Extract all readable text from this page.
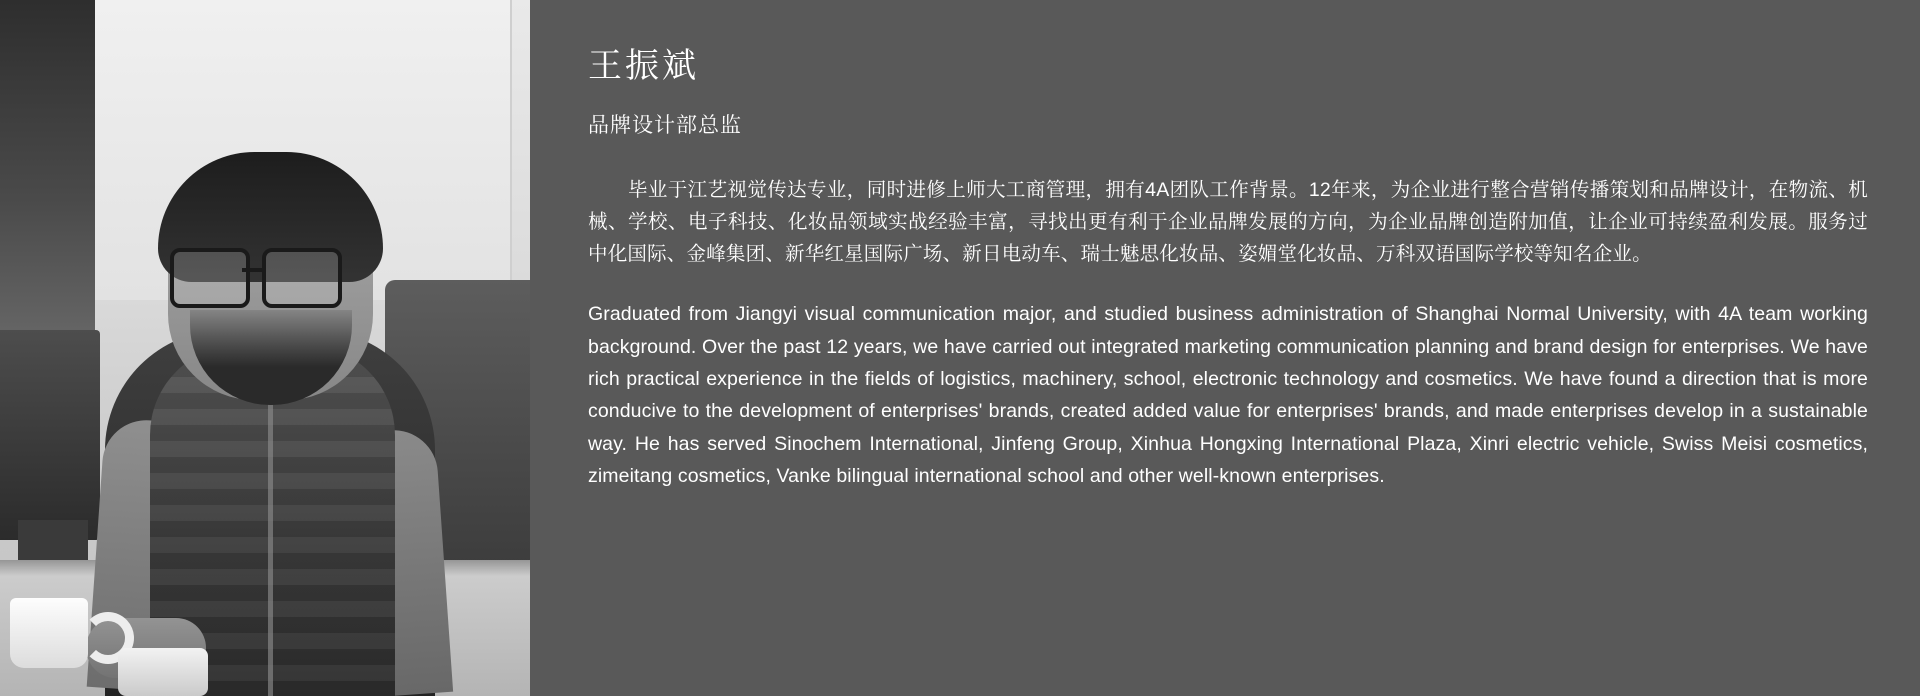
王振斌
品牌设计部总监

毕业于江艺视觉传达专业，同时进修上师大工商管理，拥有4A团队工作背景。12年来，为企业进行整合营销传播策划和品牌设计，在物流、机械、学校、电子科技、化妆品领域实战经验丰富，寻找出更有利于企业品牌发展的方向，为企业品牌创造附加值，让企业可持续盈利发展。服务过中化国际、金峰集团、新华红星国际广场、新日电动车、瑞士魅思化妆品、姿媚堂化妆品、万科双语国际学校等知名企业。

Graduated from Jiangyi visual communication major, and studied business administration of Shanghai Normal University, with 4A team working background. Over the past 12 years, we have carried out integrated marketing communication planning and brand design for enterprises. We have rich practical experience in the fields of logistics, machinery, school, electronic technology and cosmetics. We have found a direction that is more conducive to the development of enterprises' brands, created added value for enterprises' brands, and made enterprises develop in a sustainable way. He has served Sinochem International, Jinfeng Group, Xinhua Hongxing International Plaza, Xinri electric vehicle, Swiss Meisi cosmetics, zimeitang cosmetics, Vanke bilingual international school and other well-known enterprises.
